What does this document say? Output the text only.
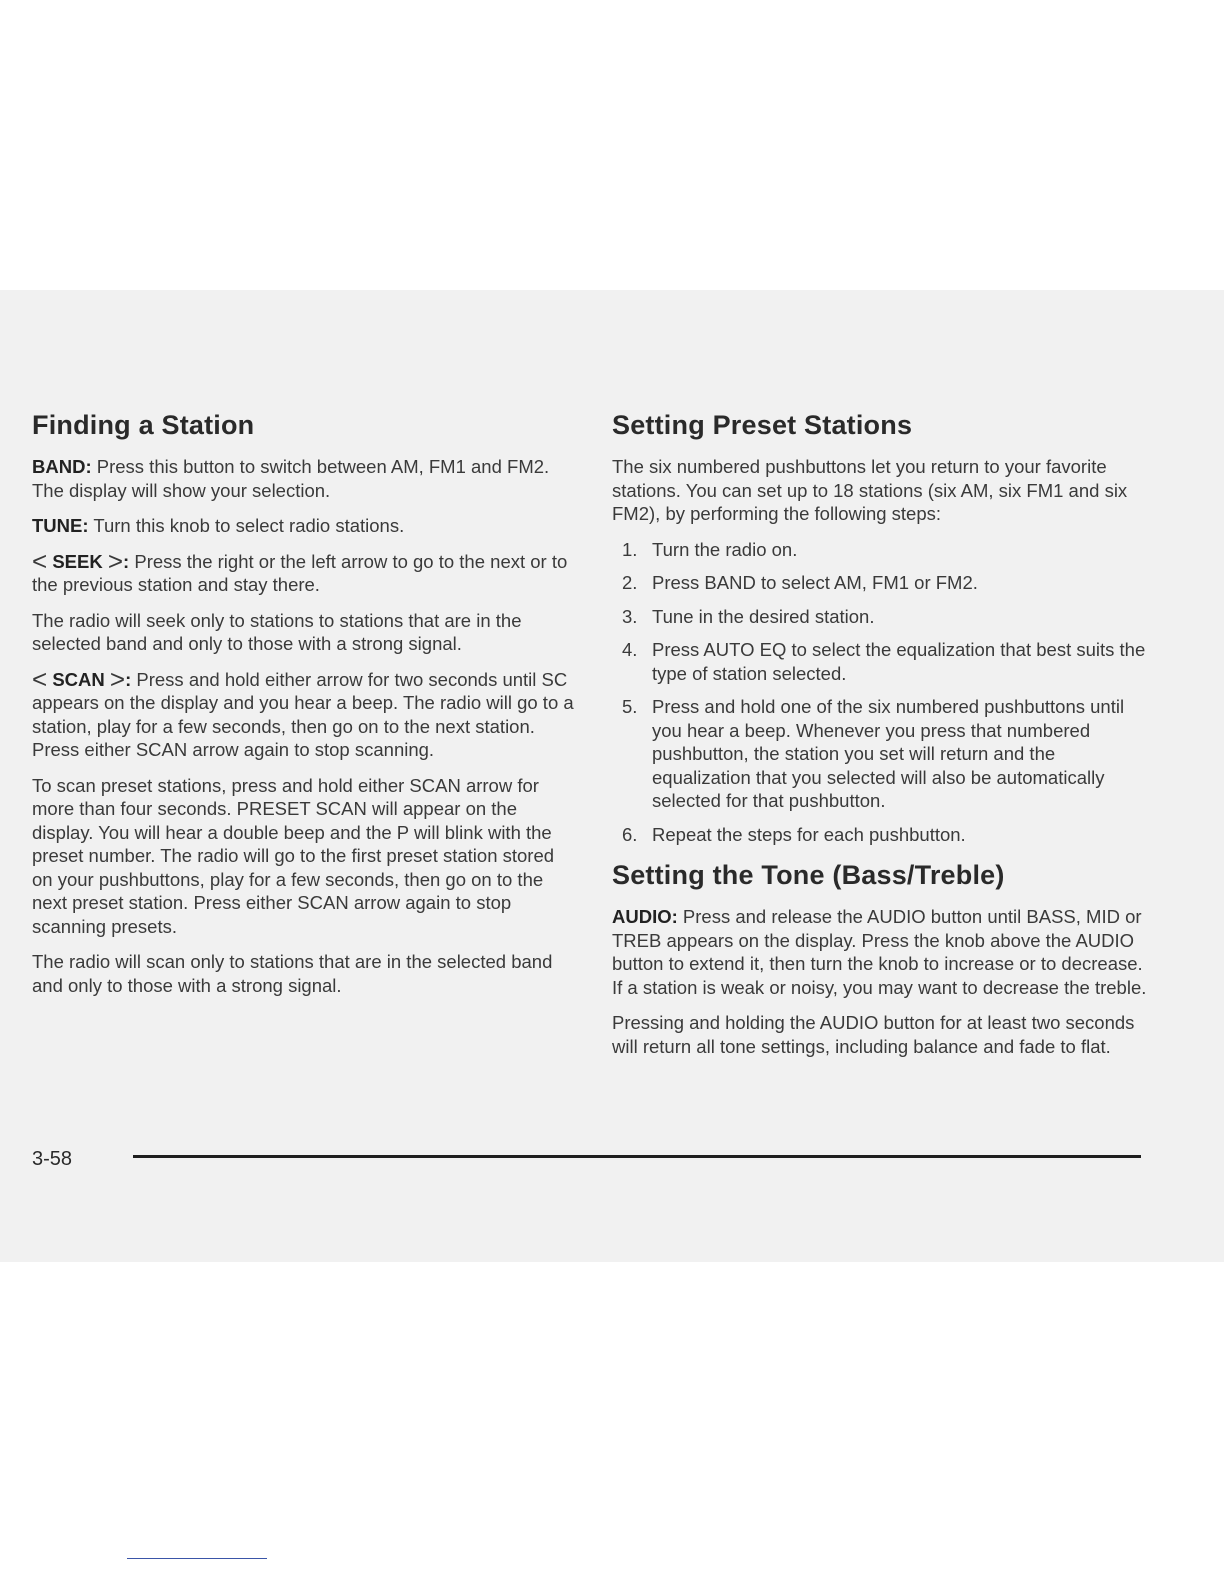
Finding a Station

BAND: Press this button to switch between AM, FM1 and FM2. The display will show your selection.

TUNE: Turn this knob to select radio stations.

< SEEK >: Press the right or the left arrow to go to the next or to the previous station and stay there.

The radio will seek only to stations to stations that are in the selected band and only to those with a strong signal.

< SCAN >: Press and hold either arrow for two seconds until SC appears on the display and you hear a beep. The radio will go to a station, play for a few seconds, then go on to the next station. Press either SCAN arrow again to stop scanning.

To scan preset stations, press and hold either SCAN arrow for more than four seconds. PRESET SCAN will appear on the display. You will hear a double beep and the P will blink with the preset number. The radio will go to the first preset station stored on your pushbuttons, play for a few seconds, then go on to the next preset station. Press either SCAN arrow again to stop scanning presets.

The radio will scan only to stations that are in the selected band and only to those with a strong signal.

Setting Preset Stations

The six numbered pushbuttons let you return to your favorite stations. You can set up to 18 stations (six AM, six FM1 and six FM2), by performing the following steps:

1. Turn the radio on.
2. Press BAND to select AM, FM1 or FM2.
3. Tune in the desired station.
4. Press AUTO EQ to select the equalization that best suits the type of station selected.
5. Press and hold one of the six numbered pushbuttons until you hear a beep. Whenever you press that numbered pushbutton, the station you set will return and the equalization that you selected will also be automatically selected for that pushbutton.
6. Repeat the steps for each pushbutton.
Setting the Tone (Bass/Treble)

AUDIO: Press and release the AUDIO button until BASS, MID or TREB appears on the display. Press the knob above the AUDIO button to extend it, then turn the knob to increase or to decrease. If a station is weak or noisy, you may want to decrease the treble.

Pressing and holding the AUDIO button for at least two seconds will return all tone settings, including balance and fade to flat.

3-58
